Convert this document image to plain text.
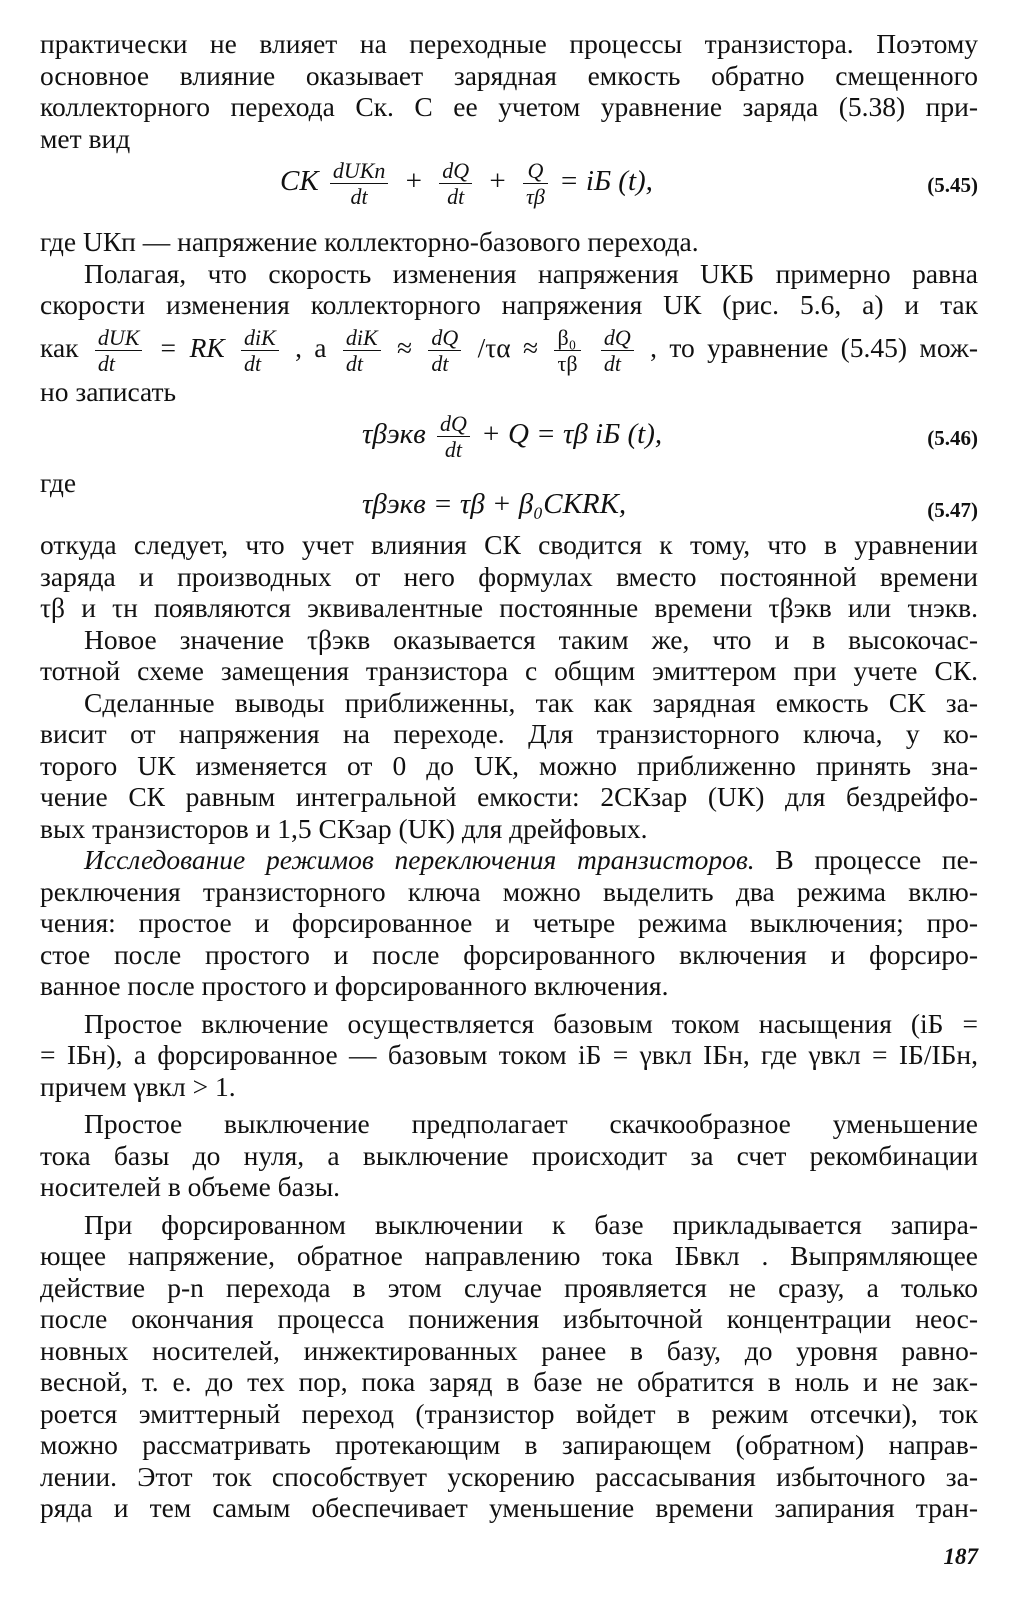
практически не влияет на переходные процессы транзистора. Поэтому
основное влияние оказывает зарядная емкость обратно смещенного
коллекторного перехода Cк. С ее учетом уравнение заряда (5.38) при-
мет вид

CК $\frac{\text{dUКп}}{dt} + \frac{dQ}{dt} + \frac{Q}{\tau\beta}$ = iБ (t),	(5.45)

где UКп — напряжение коллекторно-базового перехода.

Полагая, что скорость изменения напряжения UКБ примерно равна
скорости изменения коллекторного напряжения UК (рис. 5.6, а) и так
как $\frac{\text{dUК}}{dt}$ = RК $\frac{\text{diК}}{dt}$ , а $\frac{\text{diК}}{dt} \approx \frac{dQ}{dt} /\tau\alpha \approx \frac{\text{β₀}}{\tau\beta}$
$\frac{dQ}{dt}$ , то уравнение (5.45) мож-
но записать

τβэкв $\frac{dQ}{dt} + Q = \tau\beta$ iБ (t),	(5.46)
где
τβэкв = τβ + β₀CКRК,	(5.47)

откуда следует, что учет влияния CК сводится к тому, что в уравнении
заряда и производных от него формулах вместо постоянной времени
τβ и τн появляются эквивалентные постоянные времени τβэкв или τнэкв.

Новое значение τβэкв оказывается таким же, что и в высокочас-
тотной схеме замещения транзистора с общим эмиттером при учете CК.

Сделанные выводы приближенны, так как зарядная емкость CК за-
висит от напряжения на переходе. Для транзисторного ключа, у ко-
торого UК изменяется от 0 до UК, можно приближенно принять зна-
чение CК равным интегральной емкости: 2CКзар (UК) для бездрейфо-
вых транзисторов и 1,5 CКзар (UК) для дрейфовых.

Исследование режимов переключения транзисторов. В процессе пе-
реключения транзисторного ключа можно выделить два режима вклю-
чения: простое и форсированное и четыре режима выключения; про-
стое после простого и после форсированного включения и форсиро-
ванное после простого и форсированного включения.

Простое включение осуществляется базовым током насыщения (iБ =
= IБн), а форсированное — базовым током iБ = γвкл IБн, где γвкл = IБ/IБн,
причем γвкл > 1.

Простое выключение предполагает скачкообразное уменьшение
тока базы до нуля, а выключение происходит за счет рекомбинации
носителей в объеме базы.

При форсированном выключении к базе прикладывается запира-
ющее напряжение, обратное направлению тока IБвкл . Выпрямляющее
действие p-n перехода в этом случае проявляется не сразу, а только
после окончания процесса понижения избыточной концентрации неос-
новных носителей, инжектированных ранее в базу, до уровня равно-
весной, т. е. до тех пор, пока заряд в базе не обратится в ноль и не зак-
роется эмиттерный переход (транзистор войдет в режим отсечки), ток
можно рассматривать протекающим в запирающем (обратном) направ-
лении. Этот ток способствует ускорению рассасывания избыточного за-
ряда и тем самым обеспечивает уменьшение времени запирания тран-

187
